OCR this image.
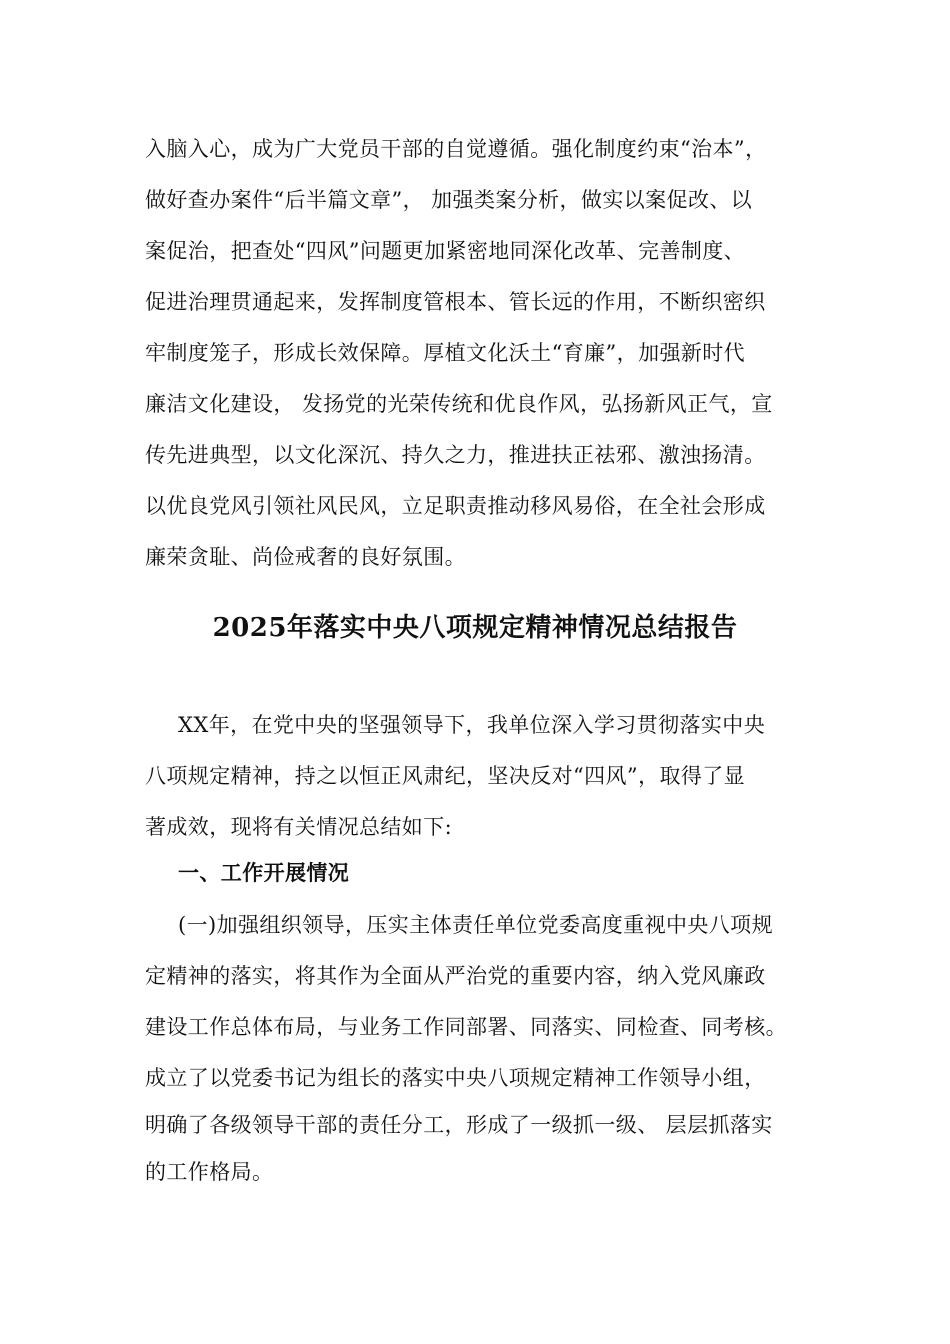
入脑入心，成为广大党员干部的自觉遵循。强化制度约束“治本”，
做好查办案件“后半篇文章”， 加强类案分析，做实以案促改、以
案促治，把查处“四风”问题更加紧密地同深化改革、完善制度、
促进治理贯通起来，发挥制度管根本、管长远的作用，不断织密织
牢制度笼子，形成长效保障。厚植文化沃土“育廉”，加强新时代
廉洁文化建设， 发扬党的光荣传统和优良作风，弘扬新风正气，宣
传先进典型，以文化深沉、持久之力，推进扶正祛邪、激浊扬清。
以优良党风引领社风民风，立足职责推动移风易俗，在全社会形成
廉荣贪耻、尚俭戒奢的良好氛围。
2025年落实中央八项规定精神情况总结报告
XX年，在党中央的坚强领导下，我单位深入学习贯彻落实中央
八项规定精神，持之以恒正风肃纪，坚决反对“四风”，取得了显
著成效，现将有关情况总结如下:
一、工作开展情况
(一)加强组织领导，压实主体责任单位党委高度重视中央八项规
定精神的落实，将其作为全面从严治党的重要内容，纳入党风廉政
建设工作总体布局，与业务工作同部署、同落实、同检查、同考核。
成立了以党委书记为组长的落实中央八项规定精神工作领导小组，
明确了各级领导干部的责任分工，形成了一级抓一级、 层层抓落实
的工作格局。
